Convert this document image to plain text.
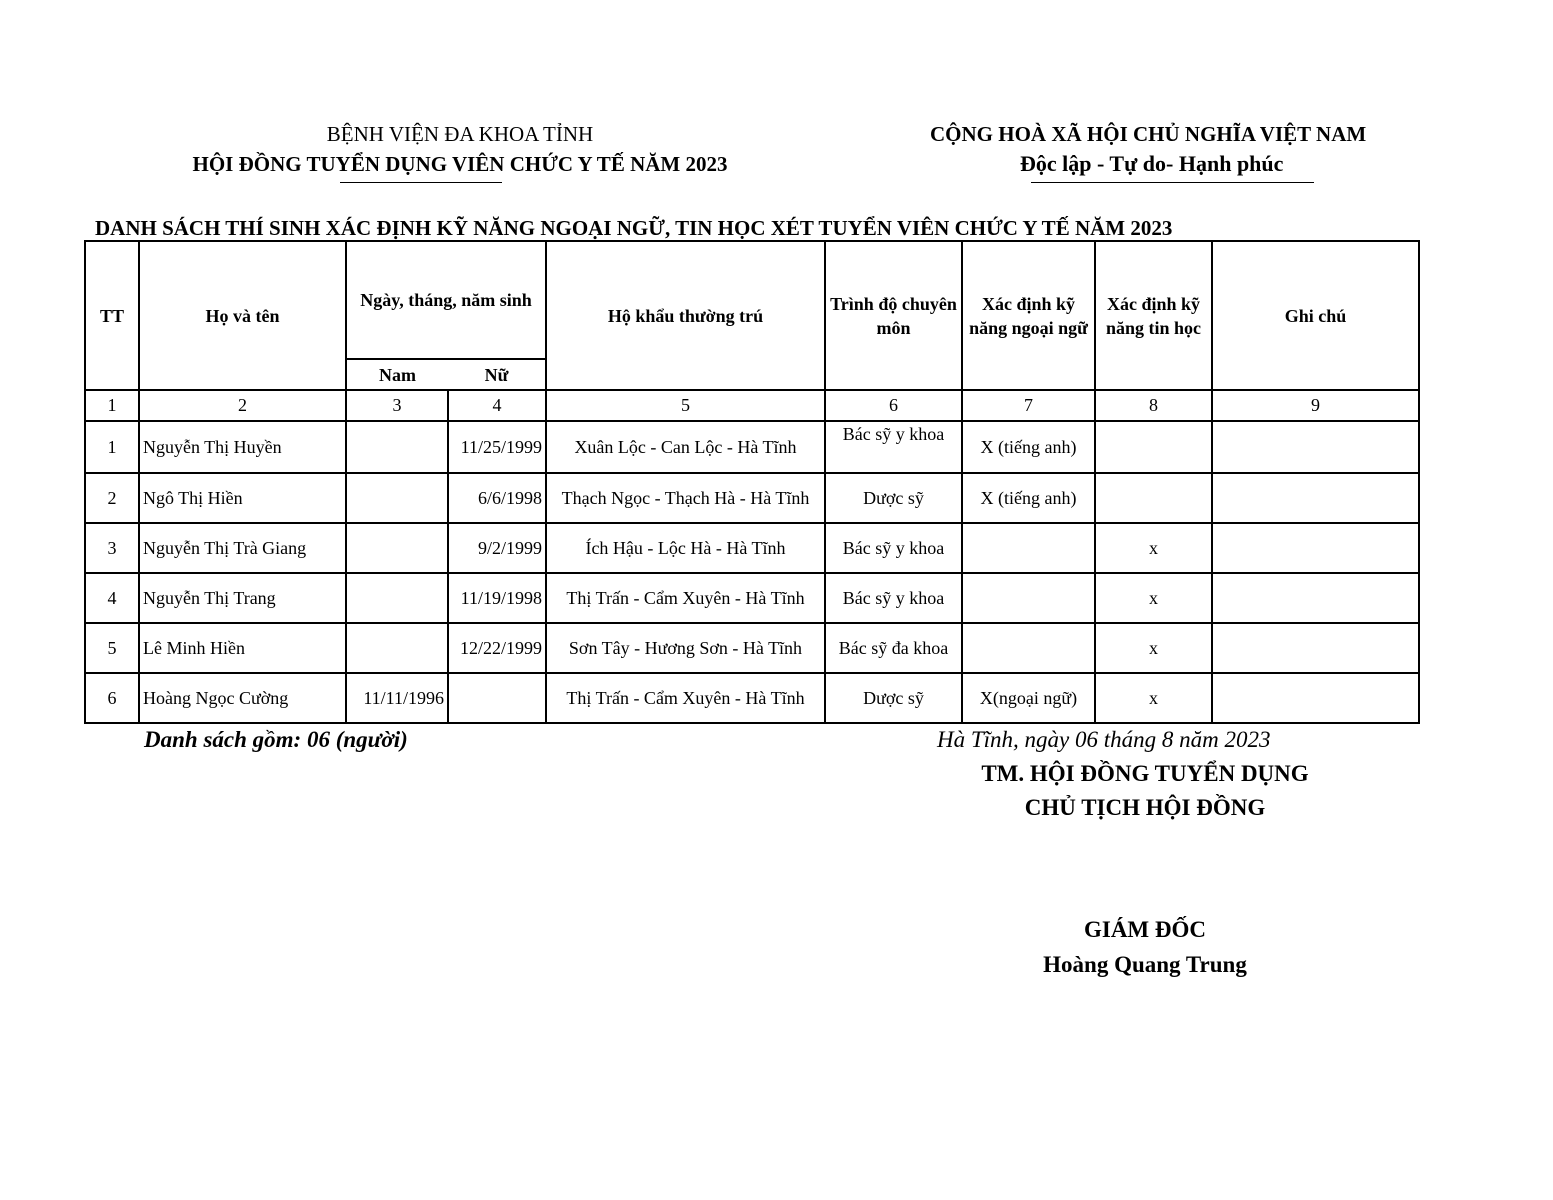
BỆNH VIỆN ĐA KHOA TỈNH
HỘI ĐỒNG TUYỂN DỤNG VIÊN CHỨC Y TẾ NĂM 2023
CỘNG HOÀ XÃ HỘI CHỦ NGHĨA VIỆT NAM
Độc lập - Tự do- Hạnh phúc
DANH SÁCH THÍ SINH XÁC ĐỊNH KỸ NĂNG NGOẠI NGỮ, TIN HỌC XÉT TUYỂN VIÊN CHỨC Y TẾ NĂM 2023
TT	Họ và tên	Ngày, tháng, năm sinh		Hộ khẩu thường trú	Trình độ chuyên môn	Xác định kỹ năng ngoại ngữ	Xác định kỹ năng tin học	Ghi chú
		Nam	Nữ					
1	2	3	4	5	6	7	8	9
1	Nguyễn Thị Huyền		11/25/1999	Xuân Lộc - Can Lộc - Hà Tĩnh	Bác sỹ y khoa	X (tiếng anh)		
2	Ngô Thị Hiền		6/6/1998	Thạch Ngọc - Thạch Hà - Hà Tĩnh	Dược sỹ	X (tiếng anh)		
3	Nguyễn Thị Trà Giang		9/2/1999	Ích Hậu - Lộc Hà - Hà Tĩnh	Bác sỹ y khoa		x	
4	Nguyễn Thị Trang		11/19/1998	Thị Trấn - Cẩm Xuyên - Hà Tĩnh	Bác sỹ y khoa		x	
5	Lê Minh Hiền		12/22/1999	Sơn Tây - Hương Sơn - Hà Tĩnh	Bác sỹ đa khoa		x	
6	Hoàng Ngọc Cường	11/11/1996		Thị Trấn - Cẩm Xuyên - Hà Tĩnh	Dược sỹ	X(ngoại ngữ)	x	
Danh sách gồm: 06 (người)	Hà Tĩnh, ngày 06 tháng 8 năm 2023
TM. HỘI ĐỒNG TUYỂN DỤNG
CHỦ TỊCH HỘI ĐỒNG
GIÁM ĐỐC
Hoàng Quang Trung
